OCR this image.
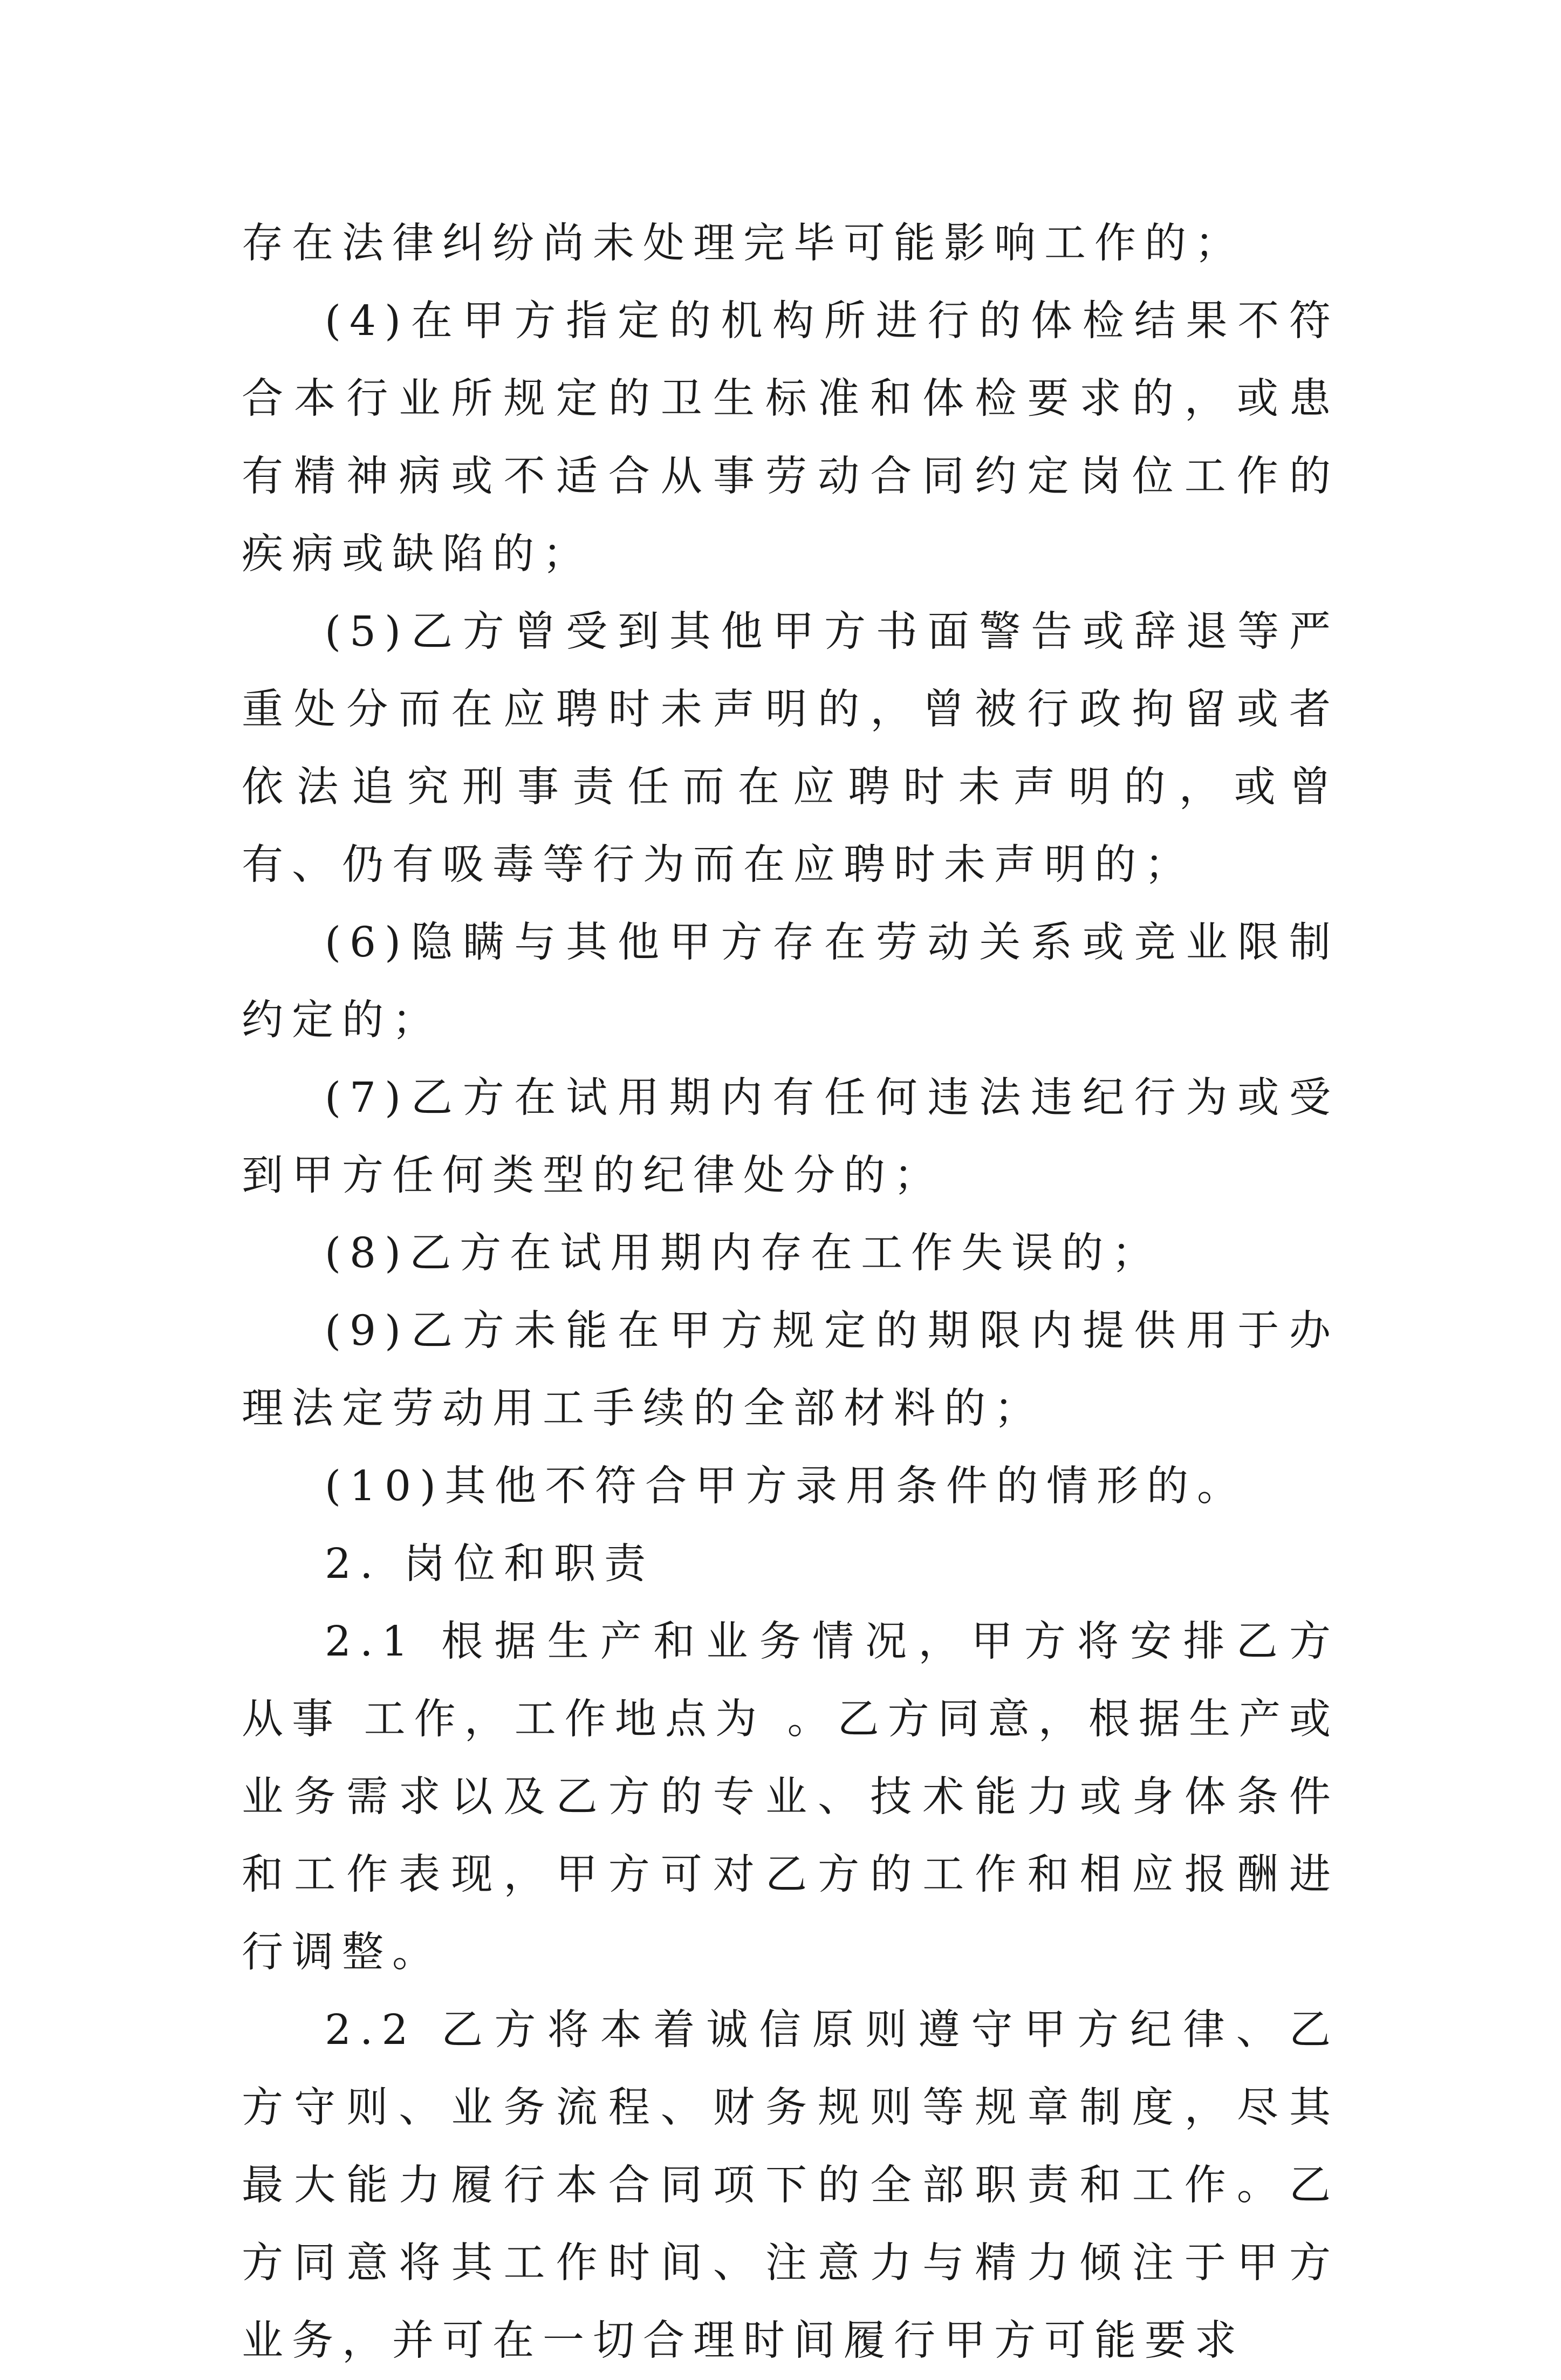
存在法律纠纷尚未处理完毕可能影响工作的；

(4)在甲方指定的机构所进行的体检结果不符合本行业所规定的卫生标准和体检要求的，或患有精神病或不适合从事劳动合同约定岗位工作的疾病或缺陷的；

(5)乙方曾受到其他甲方书面警告或辞退等严重处分而在应聘时未声明的，曾被行政拘留或者依法追究刑事责任而在应聘时未声明的，或曾有、仍有吸毒等行为而在应聘时未声明的；

(6)隐瞒与其他甲方存在劳动关系或竞业限制约定的；

(7)乙方在试用期内有任何违法违纪行为或受到甲方任何类型的纪律处分的；

(8)乙方在试用期内存在工作失误的；

(9)乙方未能在甲方规定的期限内提供用于办理法定劳动用工手续的全部材料的；

(10)其他不符合甲方录用条件的情形的。

2. 岗位和职责

2.1 根据生产和业务情况，甲方将安排乙方从事 工作，工作地点为 。乙方同意，根据生产或业务需求以及乙方的专业、技术能力或身体条件和工作表现，甲方可对乙方的工作和相应报酬进行调整。

2.2 乙方将本着诚信原则遵守甲方纪律、乙方守则、业务流程、财务规则等规章制度，尽其最大能力履行本合同项下的全部职责和工作。乙方同意将其工作时间、注意力与精力倾注于甲方业务，并可在一切合理时间履行甲方可能要求
